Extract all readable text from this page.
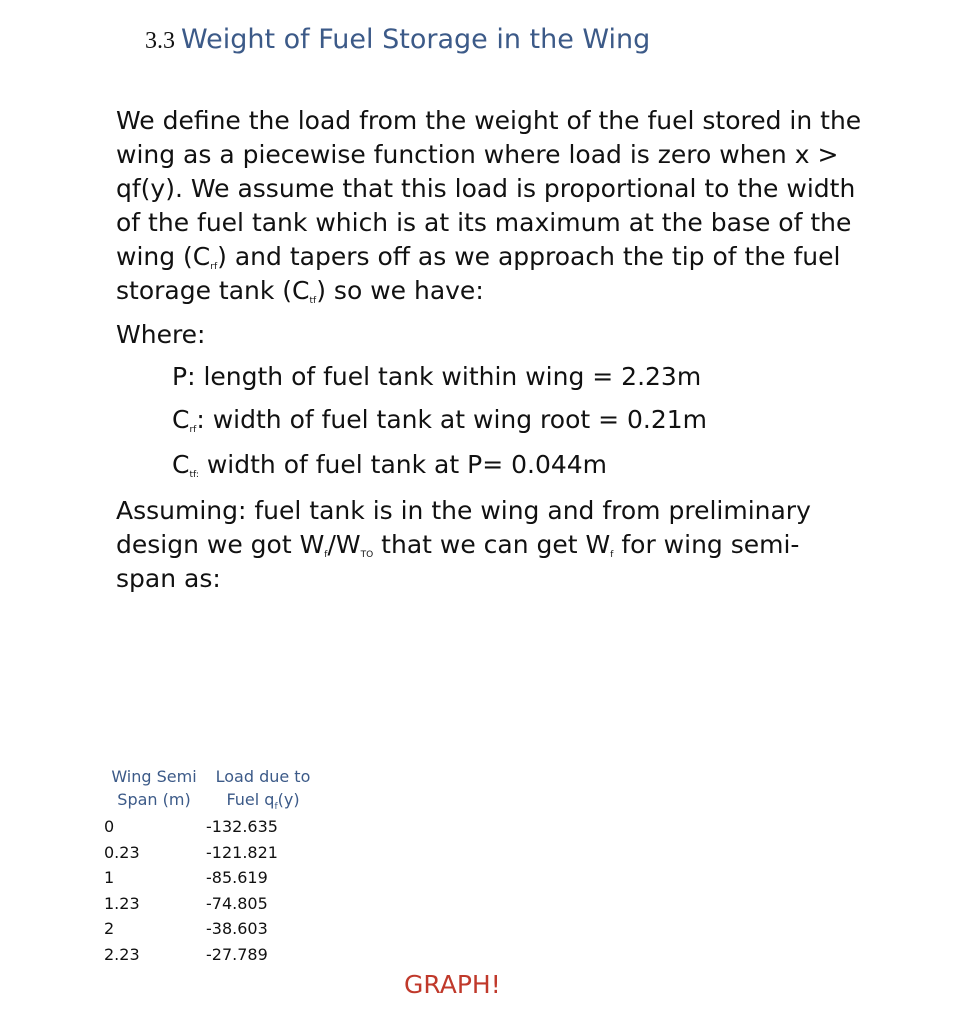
3.3 Weight of Fuel Storage in the Wing

We define the load from the weight of the fuel stored in the wing as a piecewise function where load is zero when x > qf(y). We assume that this load is proportional to the width of the fuel tank which is at its maximum at the base of the wing $(C_{rf})$ and tapers off as we approach the tip of the fuel storage tank $(C_{tf})$ so we have:

Where:

P: length of fuel tank within wing = 2.23m
$C_{rf}$: width of fuel tank at wing root = 0.21m
$C_{tf:}$ width of fuel tank at P= 0.044m

Assuming: fuel tank is in the wing and from preliminary design we got $W_f/W_{TO}$ that we can get $W_f$ for wing semi-span as:

Wing Semi
Span (m)
Load due to
Fuel $q_f(y)$
0	-132.635
0.23	-121.821
1	-85.619
1.23	-74.805
2	-38.603
2.23	-27.789
GRAPH!
